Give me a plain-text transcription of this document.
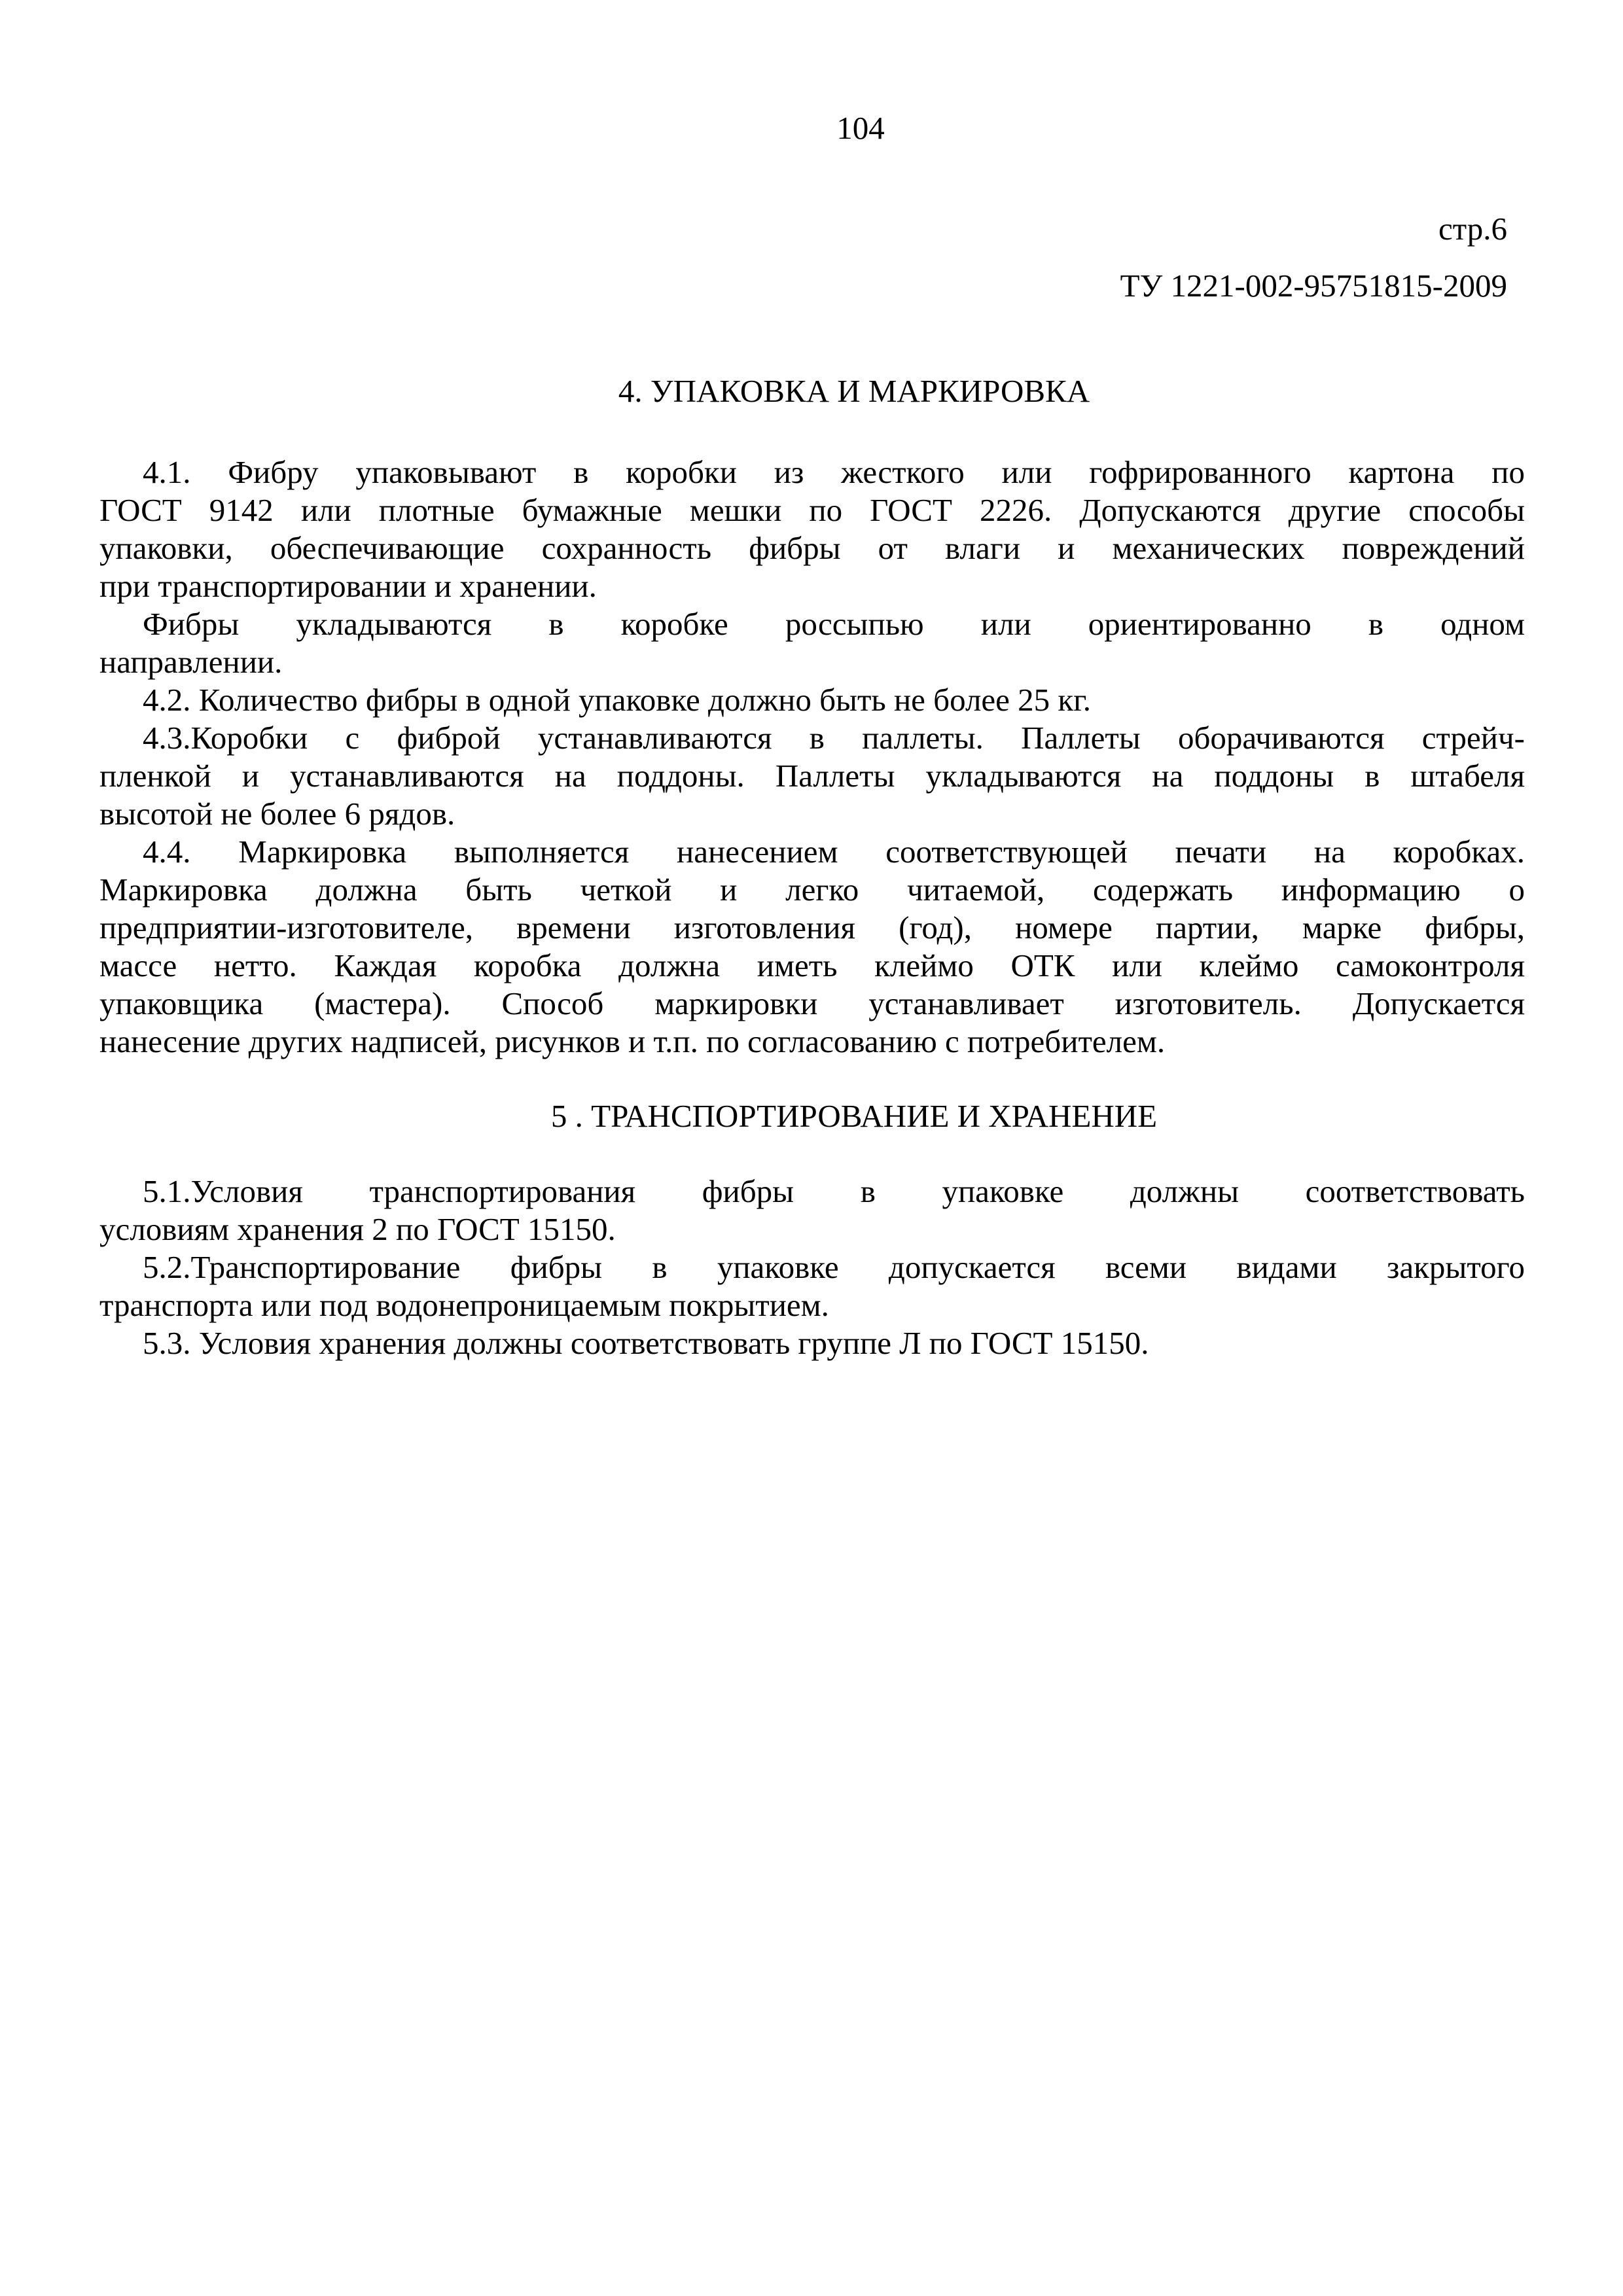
104
стр.6
ТУ 1221-002-95751815-2009
4. УПАКОВКА И МАРКИРОВКА
4.1. Фибру упаковывают в коробки из жесткого или гофрированного картона по
ГОСТ 9142 или плотные бумажные мешки по ГОСТ 2226. Допускаются другие способы
упаковки, обеспечивающие сохранность фибры от влаги и механических повреждений
при транспортировании и хранении.
Фибры укладываются в коробке россыпью или ориентированно в одном
направлении.
4.2. Количество фибры в одной упаковке должно быть не более 25 кг.
4.3.Коробки с фиброй устанавливаются в паллеты. Паллеты оборачиваются стрейч-
пленкой и устанавливаются на поддоны. Паллеты укладываются на поддоны в штабеля
высотой не более 6 рядов.
4.4. Маркировка выполняется нанесением соответствующей печати на коробках.
Маркировка должна быть четкой и легко читаемой, содержать информацию о
предприятии-изготовителе, времени изготовления (год), номере партии, марке фибры,
массе нетто. Каждая коробка должна иметь клеймо ОТК или клеймо самоконтроля
упаковщика (мастера). Способ маркировки устанавливает изготовитель. Допускается
нанесение других надписей, рисунков и т.п. по согласованию с потребителем.
5 . ТРАНСПОРТИРОВАНИЕ И ХРАНЕНИЕ
5.1.Условия транспортирования фибры в упаковке должны соответствовать
условиям хранения 2 по ГОСТ 15150.
5.2.Транспортирование фибры в упаковке допускается всеми видами закрытого
транспорта или под водонепроницаемым покрытием.
5.3. Условия хранения должны соответствовать группе Л по ГОСТ 15150.
